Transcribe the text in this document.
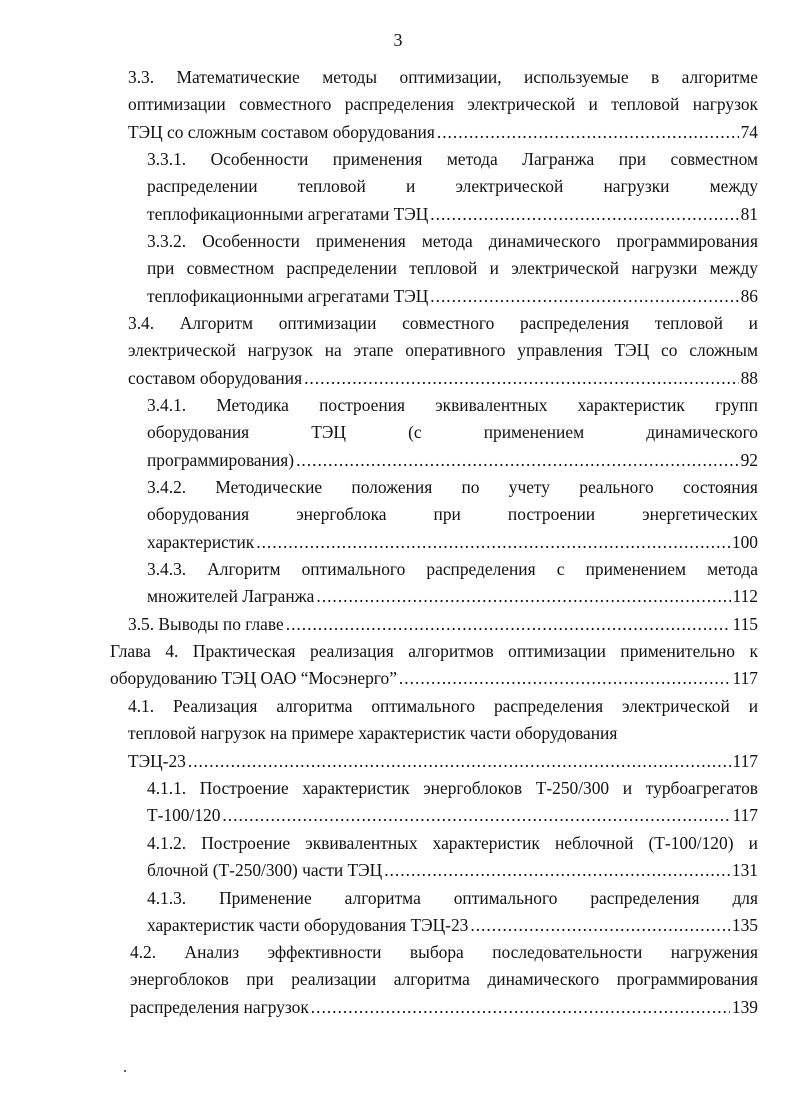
3
3.3. Математические методы оптимизации, используемые в алгоритме
оптимизации совместного распределения электрической и тепловой нагрузок
ТЭЦ со сложным составом оборудования .....	74
3.3.1. Особенности применения метода Лагранжа при совместном
распределении тепловой и электрической нагрузки между
теплофикационными агрегатами ТЭЦ .....	81
3.3.2. Особенности применения метода динамического программирования
при совместном распределении тепловой и электрической нагрузки между
теплофикационными агрегатами ТЭЦ .....	86
3.4. Алгоритм оптимизации совместного распределения тепловой и
электрической нагрузок на этапе оперативного управления ТЭЦ со сложным
составом оборудования .....	88
3.4.1. Методика построения эквивалентных характеристик групп
оборудования	ТЭЦ	(с	применением	динамического
программирования) .....	92
3.4.2. Методические положения по учету реального состояния
оборудования	энергоблока	при	построении	энергетических
характеристик .....	100
3.4.3. Алгоритм оптимального распределения с применением метода
множителей Лагранжа .....	112
3.5. Выводы по главе .....	115
Глава 4. Практическая реализация алгоритмов оптимизации применительно к
оборудованию ТЭЦ ОАО “Мосэнерго” .....	117
4.1. Реализация алгоритма оптимального распределения электрической и
тепловой нагрузок на примере характеристик части оборудования
ТЭЦ-23 .....	117
4.1.1. Построение характеристик энергоблоков Т-250/300 и турбоагрегатов
Т-100/120 .....	117
4.1.2. Построение эквивалентных характеристик неблочной (Т-100/120) и
блочной (Т-250/300) части ТЭЦ .....	131
4.1.3. Применение алгоритма оптимального распределения для
характеристик части оборудования ТЭЦ-23 .....	135
4.2. Анализ эффективности выбора последовательности нагружения
энергоблоков при реализации алгоритма динамического программирования
распределения нагрузок .....	139
